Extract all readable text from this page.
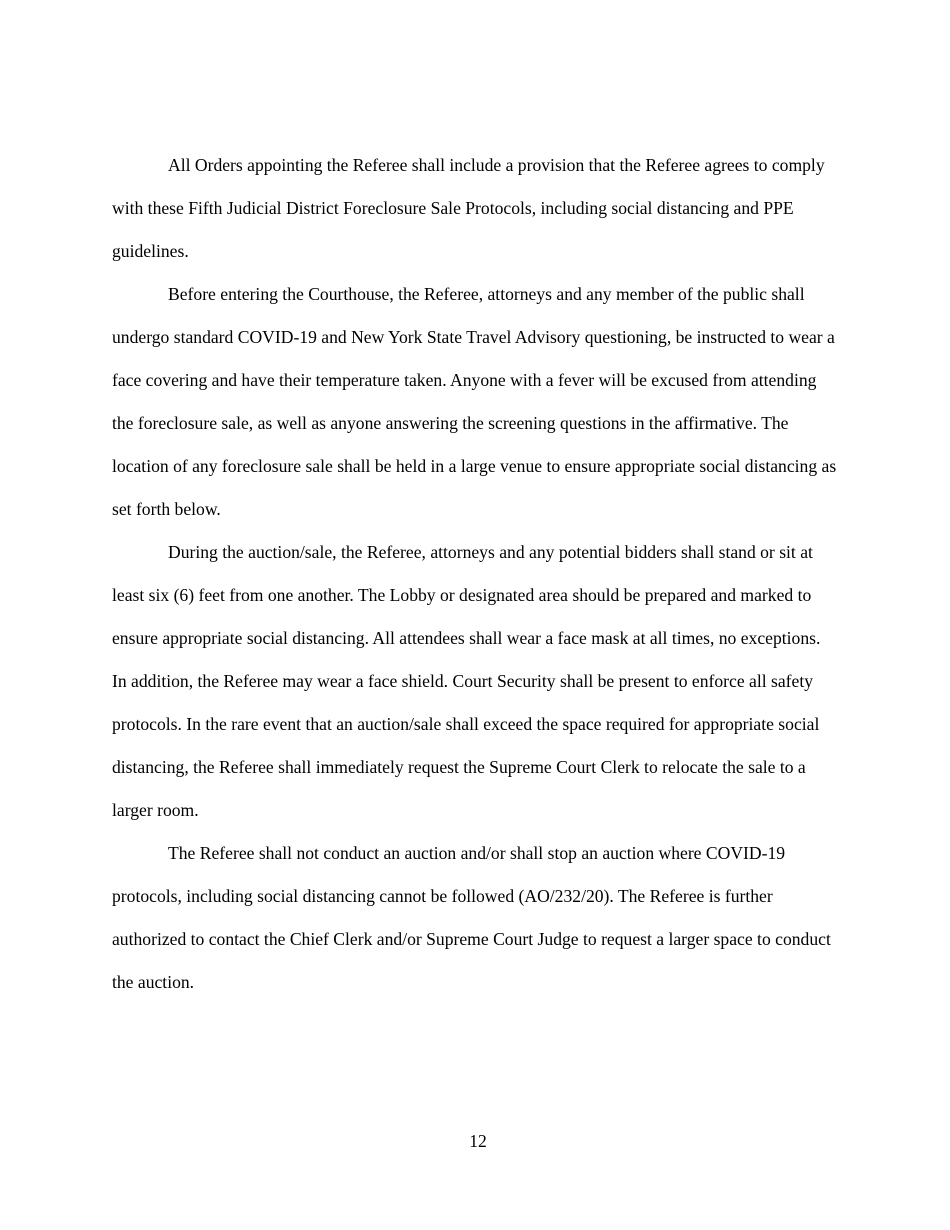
All Orders appointing the Referee shall include a provision that the Referee agrees to comply with these Fifth Judicial District Foreclosure Sale Protocols, including social distancing and PPE guidelines.

Before entering the Courthouse, the Referee, attorneys and any member of the public shall undergo standard COVID-19 and New York State Travel Advisory questioning, be instructed to wear a face covering and have their temperature taken. Anyone with a fever will be excused from attending the foreclosure sale, as well as anyone answering the screening questions in the affirmative. The location of any foreclosure sale shall be held in a large venue to ensure appropriate social distancing as set forth below.

During the auction/sale, the Referee, attorneys and any potential bidders shall stand or sit at least six (6) feet from one another. The Lobby or designated area should be prepared and marked to ensure appropriate social distancing. All attendees shall wear a face mask at all times, no exceptions. In addition, the Referee may wear a face shield. Court Security shall be present to enforce all safety protocols. In the rare event that an auction/sale shall exceed the space required for appropriate social distancing, the Referee shall immediately request the Supreme Court Clerk to relocate the sale to a larger room.

The Referee shall not conduct an auction and/or shall stop an auction where COVID-19 protocols, including social distancing cannot be followed (AO/232/20). The Referee is further authorized to contact the Chief Clerk and/or Supreme Court Judge to request a larger space to conduct the auction.

12
